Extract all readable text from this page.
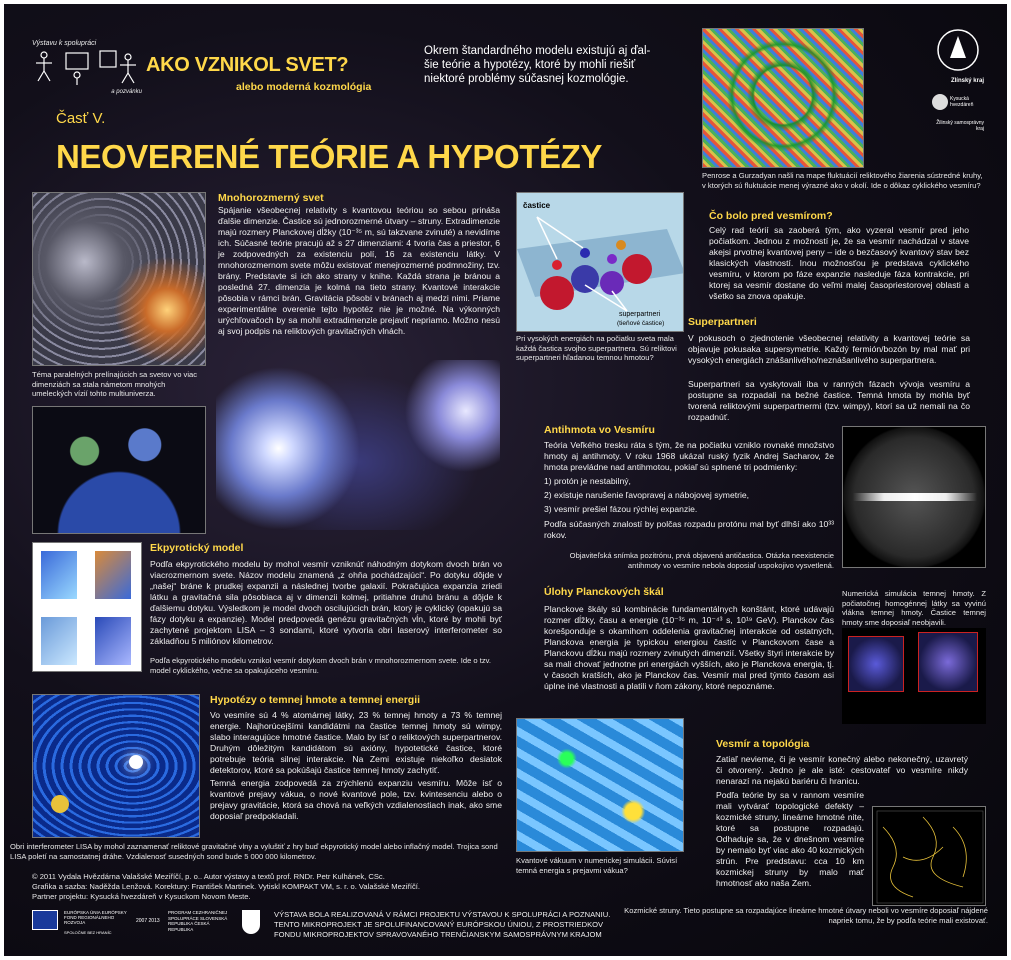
Výstavu k spolupráci
a pozvánku
AKO VZNIKOL SVET?
alebo moderná kozmológia
Časť V.
NEOVERENÉ TEÓRIE A HYPOTÉZY
Okrem štandardného modelu existujú aj ďalšie teórie a hypotézy, ktoré by mohli riešiť niektoré problémy súčasnej kozmológie.
Penrose a Gurzadyan našli na mape fluktuácií reliktového žiarenia sústredné kruhy, v ktorých sú fluktuácie menej výrazné ako v okolí. Ide o dôkaz cyklického vesmíru?
Zlínský kraj
Kysucká hvezdáreň
Žilinský samosprávny kraj
Téma paralelných prelínajúcich sa svetov vo viac dimenziách sa stala námetom mnohých umeleckých vízií tohto multiuniverza.
Mnohorozmerný svet
Spájanie všeobecnej relativity s kvantovou teóriou so sebou prináša ďalšie dimenzie. Častice sú jednorozmerné útvary – struny. Extradimenzie majú rozmery Planckovej dĺžky (10⁻³⁵ m, sú takzvane zvinuté) a nevidíme ich. Súčasné teórie pracujú až s 27 dimenziami: 4 tvoria čas a priestor, 6 je zodpovedných za existenciu polí, 16 za existenciu látky. V mnohorozmernom svete môžu existovať menejrozmerné podmnožiny, tzv. brány. Predstavte si ich ako strany v knihe. Každá strana je bránou a posledná 27. dimenzia je kolmá na tieto strany. Kvantové interakcie pôsobia v rámci brán. Gravitácia pôsobí v bránach aj medzi nimi. Priame experimentálne overenie tejto hypotéz nie je možné. Na výkonných urýchľovačoch by sa mohli extradimenzie prejaviť nepriamo. Možno nesú aj svoj podpis na reliktových gravitačných vlnách.
častice
superpartneri
(tieňové častice)
Pri vysokých energiách na počiatku sveta mala každá častica svojho superpartnera. Sú reliktovi superpartneri hľadanou temnou hmotou?
Čo bolo pred vesmírom?
Celý rad teórií sa zaoberá tým, ako vyzeral vesmír pred jeho počiatkom. Jednou z možností je, že sa vesmír nachádzal v stave akejsi prvotnej kvantovej peny – ide o bezčasový kvantový stav bez klasických vlastností. Inou možnosťou je predstava cyklického vesmíru, v ktorom po fáze expanzie nasleduje fáza kontrakcie, pri ktorej sa vesmír dostane do veľmi malej časopriestorovej oblasti a všetko sa znova opakuje.
Superpartneri
V pokusoch o zjednotenie všeobecnej relativity a kvantovej teórie sa objavuje pokusaka supersymetrie. Každý fermión/bozón by mal mať pri vysokých energiách znášanlivého/neznášanlivého superpartnera.
Superpartneri sa vyskytovali iba v ranných fázach vývoja vesmíru a postupne sa rozpadali na bežné častice. Temná hmota by mohla byť tvorená reliktovými superpartnermi (tzv. wimpy), ktorí sa už nemali na čo rozpadnúť.
Antihmota vo Vesmíru
Teória Veľkého tresku ráta s tým, že na počiatku vzniklo rovnaké množstvo hmoty aj antihmoty. V roku 1968 ukázal ruský fyzik Andrej Sacharov, že hmota prevládne nad antihmotou, pokiaľ sú splnené tri podmienky:
1) protón je nestabilný,
2) existuje narušenie ľavopravej a nábojovej symetrie,
3) vesmír prešiel fázou rýchlej expanzie.
Podľa súčasných znalostí by polčas rozpadu protónu mal byť dlhší ako 10³³ rokov.
Objaviteľská snímka pozitrónu, prvá objavená antičastica. Otázka neexistencie antihmoty vo vesmíre nebola doposiaľ uspokojivo vysvetlená.
Numerická simulácia temnej hmoty. Z počiatočnej homogénnej látky sa vyvinú vlákna temnej hmoty. Častice temnej hmoty sme doposiaľ neobjavili.
Ekpyrotický model
Podľa ekpyrotického modelu by mohol vesmír vzniknúť náhodným dotykom dvoch brán vo viacrozmernom svete. Názov modelu znamená „z ohňa pochádzajúci“. Po dotyku dôjde v „našej“ bráne k prudkej expanzii a následnej tvorbe galaxií. Pokračujúca expanzia zriedi látku a gravitačná sila pôsobiaca aj v dimenzii kolmej, pritiahne druhú bránu a dôjde k ďalšiemu dotyku. Výsledkom je model dvoch oscilujúcich brán, ktorý je cyklický (opakujú sa fázy dotyku a expanzie). Model predpovedá genézu gravitačných vĺn, ktoré by mohli byť zachytené projektom LISA – 3 sondami, ktoré vytvoria obri laserový interferometer so základňou 5 miliónov kilometrov.
Podľa ekpyrotického modelu vznikol vesmír dotykom dvoch brán v mnohorozmernom svete. Ide o tzv. model cyklického, večne sa opakujúceho vesmíru.
Úlohy Planckových škál
Planckove škály sú kombinácie fundamentálnych konštánt, ktoré udávajú rozmer dĺžky, času a energie (10⁻³⁵ m, 10⁻⁴³ s, 10¹⁹ GeV). Planckov čas korešponduje s okamihom oddelenia gravitačnej interakcie od ostatných, Planckova energia je typickou energiou častíc v Planckovom čase a Planckovu dĺžku majú rozmery zvinutých dimenzií. Všetky štyri interakcie by sa mali chovať jednotne pri energiách vyšších, ako je Planckova energia, tj. v časoch kratších, ako je Planckov čas. Vesmír mal pred týmto časom asi úplne iné vlastnosti a platili v ňom zákony, ktoré nepoznáme.
Hypotézy o temnej hmote a temnej energii
Vo vesmíre sú 4 % atomárnej látky, 23 % temnej hmoty a 73 % temnej energie. Najhorúcejšími kandidátmi na častice temnej hmoty sú wimpy, slabo interagujúce hmotné častice. Malo by ísť o reliktových superpartnerov. Druhým dôležitým kandidátom sú axióny, hypotetické častice, ktoré potrebuje teória silnej interakcie. Na Zemi existuje niekoľko desiatok detektorov, ktoré sa pokúšajú častice temnej hmoty zachytiť.
Temná energia zodpovedá za zrýchlenú expanziu vesmíru. Môže ísť o kvantové prejavy vákua, o nové kvantové pole, tzv. kvintesenciu alebo o prejavy gravitácie, ktorá sa chová na veľkých vzdialenostiach inak, ako sme doposiaľ predpokladali.
Obri interferometer LISA by mohol zaznamenať reliktové gravitačné vlny a vyluštiť z hry buď ekpyrotický model alebo inflačný model. Trojica sond LISA poletí na samostatnej dráhe. Vzdialenosť susedných sond bude 5 000 000 kilometrov.	Kvantové vákuum v numerickej simulácii. Súvisí temná energia s prejavmi vákua?
Vesmír a topológia
Zatiaľ nevieme, či je vesmír konečný alebo nekonečný, uzavretý či otvorený. Jedno je ale isté: cestovateľ vo vesmíre nikdy nenarazí na nejakú bariéru či hranicu.
Podľa teórie by sa v rannom vesmíre mali vytvárať topologické defekty – kozmické struny, lineárne hmotné nite, ktoré sa postupne rozpadajú. Odhaduje sa, že v dnešnom vesmíre by nemalo byť viac ako 40 kozmických strún. Pre predstavu: cca 10 km kozmickej struny by malo mať hmotnosť ako naša Zem.
Kozmické struny. Tieto postupne sa rozpadajúce lineárne hmotné útvary neboli vo vesmíre doposiaľ nájdené napriek tomu, že by podľa teórie mali existovať.
© 2011 Vydala Hvězdárna Valašské Meziříčí, p. o.. Autor výstavy a textů prof. RNDr. Petr Kulhánek, CSc.
Grafika a sazba: Naděžda Lenžová. Korektury: František Martinek. Vytiskl KOMPAKT VM, s. r. o. Valašské Meziříčí.
Partner projektu: Kysucká hvezdáreň v Kysuckom Novom Meste.
EURÓPSKA ÚNIA EURÓPSKY FOND REGIONÁLNEHO ROZVOJA
SPOLOČNE BEZ HRANÍC
2007 2013
PROGRAM CEZHRANIČNEJ SPOLUPRÁCE SLOVENSKÁ REPUBLIKA ČESKÁ REPUBLIKA
VÝSTAVA BOLA REALIZOVANÁ V RÁMCI PROJEKTU VÝSTAVOU K SPOLUPRÁCI A POZNANIU.
TENTO MIKROPROJEKT JE SPOLUFINANCOVANÝ EURÓPSKOU ÚNIOU, Z PROSTRIEDKOV
FONDU MIKROPROJEKTOV SPRAVOVANÉHO TRENČIANSKYM SAMOSPRÁVNYM KRAJOM
